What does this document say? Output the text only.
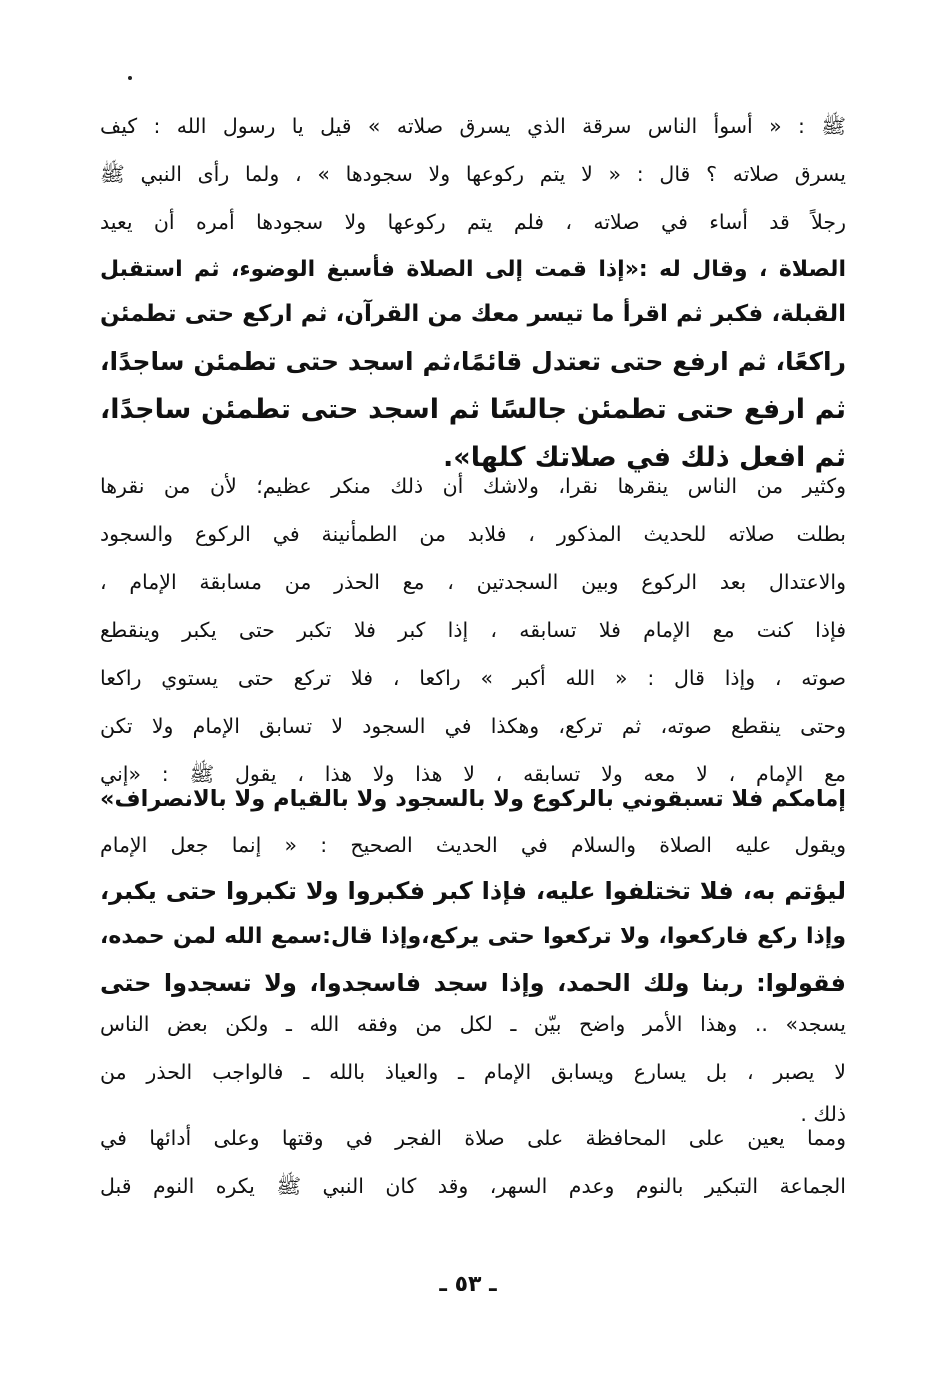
ﷺ : « أسوأ الناس سرقة الذي يسرق صلاته » قيل يا رسول الله : كيف
يسرق صلاته ؟ قال : « لا يتم ركوعها ولا سجودها » ، ولما رأى النبي ﷺ
رجلاً قد أساء في صلاته ، فلم يتم ركوعها ولا سجودها أمره أن يعيد
الصلاة ، وقال له :«إذا قمت إلى الصلاة فأسبغ الوضوء، ثم استقبل
القبلة، فكبر ثم اقرأ ما تيسر معك من القرآن، ثم اركع حتى تطمئن
راكعًا، ثم ارفع حتى تعتدل قائمًا،ثم اسجد حتى تطمئن ساجدًا،
ثم ارفع حتى تطمئن جالسًا ثم اسجد حتى تطمئن ساجدًا،
ثم افعل ذلك في صلاتك كلها».
وكثير من الناس ينقرها نقرا، ولاشك أن ذلك منكر عظيم؛ لأن من نقرها
بطلت صلاته للحديث المذكور ، فلابد من الطمأنينة في الركوع والسجود
والاعتدال بعد الركوع وبين السجدتين ، مع الحذر من مسابقة الإمام ،
فإذا كنت مع الإمام فلا تسابقه ، إذا كبر فلا تكبر حتى يكبر وينقطع
صوته ، وإذا قال : « الله أكبر » راكعا ، فلا تركع حتى يستوي راكعا
وحتى ينقطع صوته، ثم تركع، وهكذا في السجود لا تسابق الإمام ولا تكن
مع الإمام ، لا معه ولا تسابقه ، لا هذا ولا هذا ، يقول ﷺ : «إني
إمامكم فلا تسبقوني بالركوع ولا بالسجود ولا بالقيام ولا بالانصراف»
ويقول عليه الصلاة والسلام في الحديث الصحيح : « إنما جعل الإمام
ليؤتم به، فلا تختلفوا عليه، فإذا كبر فكبروا ولا تكبروا حتى يكبر،
وإذا ركع فاركعوا، ولا تركعوا حتى يركع،وإذا قال:سمع الله لمن حمده،
فقولوا: ربنا ولك الحمد، وإذا سجد فاسجدوا، ولا تسجدوا حتى
يسجد» .. وهذا الأمر واضح بيّن ـ لكل من وفقه الله ـ ولكن بعض الناس
لا يصبر ، بل يسارع ويسابق الإمام ـ والعياذ بالله ـ فالواجب الحذر من
ذلك .
ومما يعين على المحافظة على صلاة الفجر في وقتها وعلى أدائها في
الجماعة التبكير بالنوم وعدم السهر، وقد كان النبي ﷺ يكره النوم قبل
ـ ٥٣ ـ
